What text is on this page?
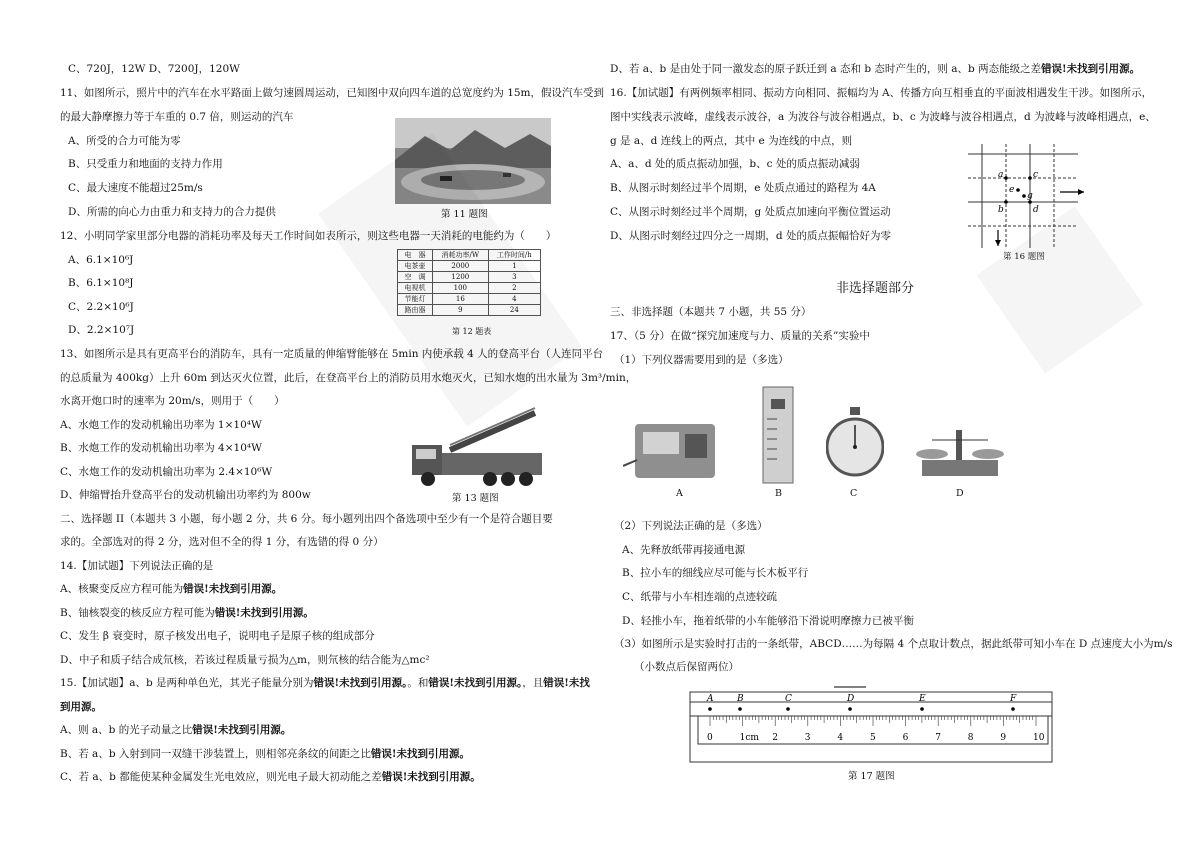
C、720J，12W D、7200J，120W
11、如图所示，照片中的汽车在水平路面上做匀速圆周运动，已知图中双向四车道的总宽度约为 15m，假设汽车受到
的最大静摩擦力等于车重的 0.7 倍，则运动的汽车
A、所受的合力可能为零
B、只受重力和地面的支持力作用
C、最大速度不能超过25m/s
D、所需的向心力由重力和支持力的合力提供	第 11 题图
12、小明同学家里部分电器的消耗功率及每天工作时间如表所示，则这些电器一天消耗的电能约为（　　）
A、6.1×10⁶J
B、6.1×10⁸J
C、2.2×10⁶J
D、2.2×10⁷J
电　器	消耗功率/W	工作时间/h
电茶壶	2000	1
空　调	1200	3
电视机	100	2
节能灯	16	4
路由器	9	24
第 12 题表
13、如图所示是具有更高平台的消防车，具有一定质量的伸缩臂能够在 5min 内使承载 4 人的登高平台（人连同平台
的总质量为 400kg）上升 60m 到达灭火位置，此后，在登高平台上的消防员用水炮灭火，已知水炮的出水量为 3m³/min，
水离开炮口时的速率为 20m/s，则用于（　　）
A、水炮工作的发动机输出功率为 1×10⁴W
B、水炮工作的发动机输出功率为 4×10⁴W
C、水炮工作的发动机输出功率为 2.4×10⁶W
D、伸缩臂抬升登高平台的发动机输出功率约为 800w	第 13 题图
二、选择题 II（本题共 3 小题，每小题 2 分，共 6 分。每小题列出四个备选项中至少有一个是符合题目要
求的。全部选对的得 2 分，选对但不全的得 1 分，有选错的得 0 分）
14.【加试题】下列说法正确的是
A、核聚变反应方程可能为错误!未找到引用源。
B、铀核裂变的核反应方程可能为错误!未找到引用源。
C、发生 β 衰变时，原子核发出电子，说明电子是原子核的组成部分
D、中子和质子结合成氘核，若该过程质量亏损为△m，则氘核的结合能为△mc²
15.【加试题】a、b 是两种单色光，其光子能量分别为错误!未找到引用源。。和错误!未找到引用源。，且错误!未找
到用源。
A、则 a、b 的光子动量之比错误!未找到引用源。
B、若 a、b 入射到同一双缝干涉装置上，则相邻亮条纹的间距之比错误!未找到引用源。
C、若 a、b 都能使某种金属发生光电效应，则光电子最大初动能之差错误!未找到引用源。
D、若 a、b 是由处于同一激发态的原子跃迁到 a 态和 b 态时产生的，则 a、b 两态能级之差错误!未找到引用源。
16.【加试题】有两例频率相同、振动方向相同、振幅均为 A、传播方向互相垂直的平面波相遇发生干涉。如图所示，
图中实线表示波峰，虚线表示波谷，a 为波谷与波谷相遇点，b、c 为波峰与波谷相遇点，d 为波峰与波峰相遇点，e、
g 是 a、d 连线上的两点，其中 e 为连线的中点，则
A、a、d 处的质点振动加强，b、c 处的质点振动减弱
B、从图示时刻经过半个周期，e 处质点通过的路程为 4A
C、从图示时刻经过半个周期，g 处质点加速向平衡位置运动
D、从图示时刻经过四分之一周期，d 处的质点振幅恰好为零
a	c
e
g
b	d
第 16 题图
非选择题部分
三、非选择题（本题共 7 小题，共 55 分）
17、（5 分）在做“探究加速度与力、质量的关系”实验中
（1）下列仪器需要用到的是（多选）
A	B	C	D
（2）下列说法正确的是（多选）
A、先释放纸带再接通电源
B、拉小车的细线应尽可能与长木板平行
C、纸带与小车相连端的点迹较疏
D、轻推小车，拖着纸带的小车能够沿下滑说明摩擦力已被平衡
（3）如图所示是实验时打击的一条纸带，ABCD……为每隔 4 个点取计数点，据此纸带可知小车在 D 点速度大小为m/s
（小数点后保留两位）
A	B	C	D	E	F
0	1cm 2	3	4	5	6	7	8	9	10
第 17 题图
